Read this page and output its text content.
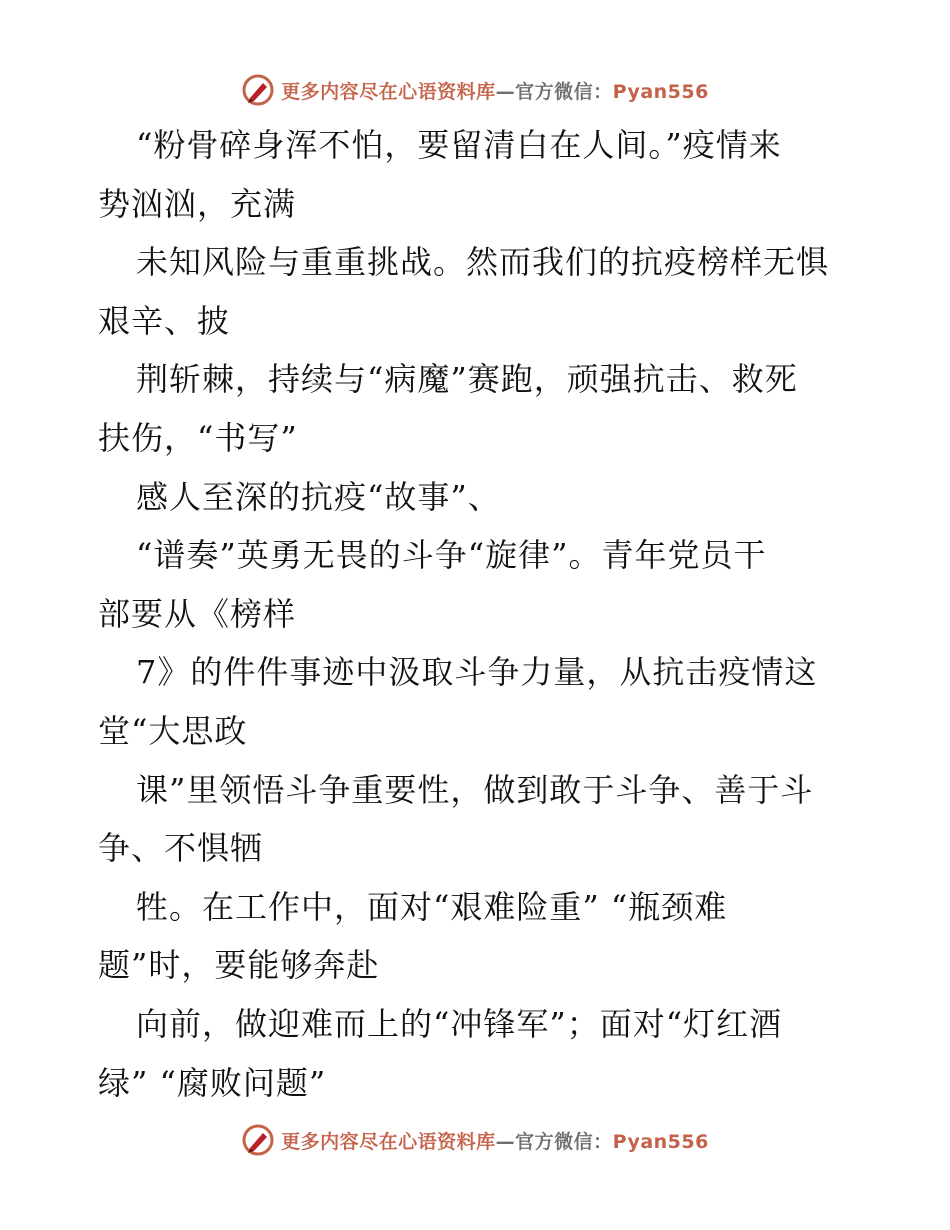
更多内容尽在心语资料库—官方微信：Pyan556
“粉骨碎身浑不怕，要留清白在人间。”疫情来
势汹汹，充满
未知风险与重重挑战。然而我们的抗疫榜样无惧
艰辛、披
荆斩棘，持续与“病魔”赛跑，顽强抗击、救死
扶伤，“书写”
感人至深的抗疫“故事”、
“谱奏”英勇无畏的斗争“旋律”。青年党员干
部要从《榜样
7》的件件事迹中汲取斗争力量，从抗击疫情这
堂“大思政
课”里领悟斗争重要性，做到敢于斗争、善于斗
争、不惧牺
牲。在工作中，面对“艰难险重” “瓶颈难
题”时，要能够奔赴
向前，做迎难而上的“冲锋军”；面对“灯红酒
绿” “腐败问题”
更多内容尽在心语资料库—官方微信：Pyan556
